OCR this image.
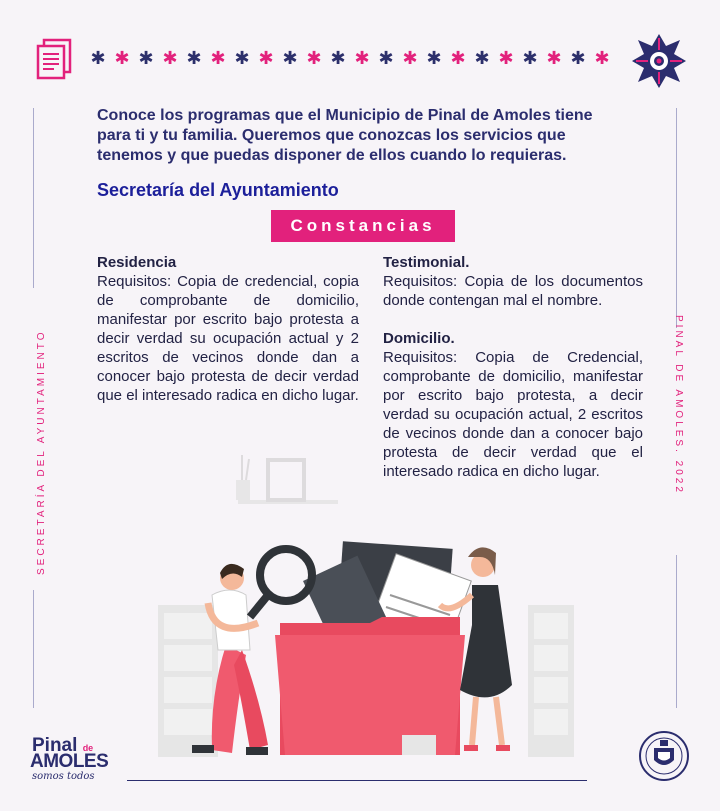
✱ ✱ ✱ ✱ ✱ ✱ ✱ ✱ ✱ ✱ ✱ ✱ ✱ ✱ ✱ ✱ ✱ ✱ ✱ ✱ ✱ ✱
SECRETARÍA DEL AYUNTAMIENTO	PINAL DE AMOLES. 2022

Conoce los programas que el Municipio de Pinal de Amoles tiene para ti y tu familia. Queremos que conozcas los servicios que tenemos y que puedas disponer de ellos cuando lo requieras.

Secretaría del Ayuntamiento
Constancias
Residencia
Requisitos: Copia de credencial, copia de comprobante de domicilio, manifestar por escrito bajo protesta a decir verdad su ocupación actual y 2 escritos de vecinos donde dan a conocer bajo protesta de decir verdad que el interesado radica en dicho lugar.
Testimonial.
Requisitos: Copia de los documentos donde contengan mal el nombre.
Domicilio.
Requisitos: Copia de Credencial, comprobante de domicilio, manifestar por escrito bajo protesta, a decir verdad su ocupación actual, 2 escritos de vecinos donde dan a conocer bajo protesta de decir verdad que el interesado radica en dicho lugar.
Pinal de
AMOLES
somos todos
